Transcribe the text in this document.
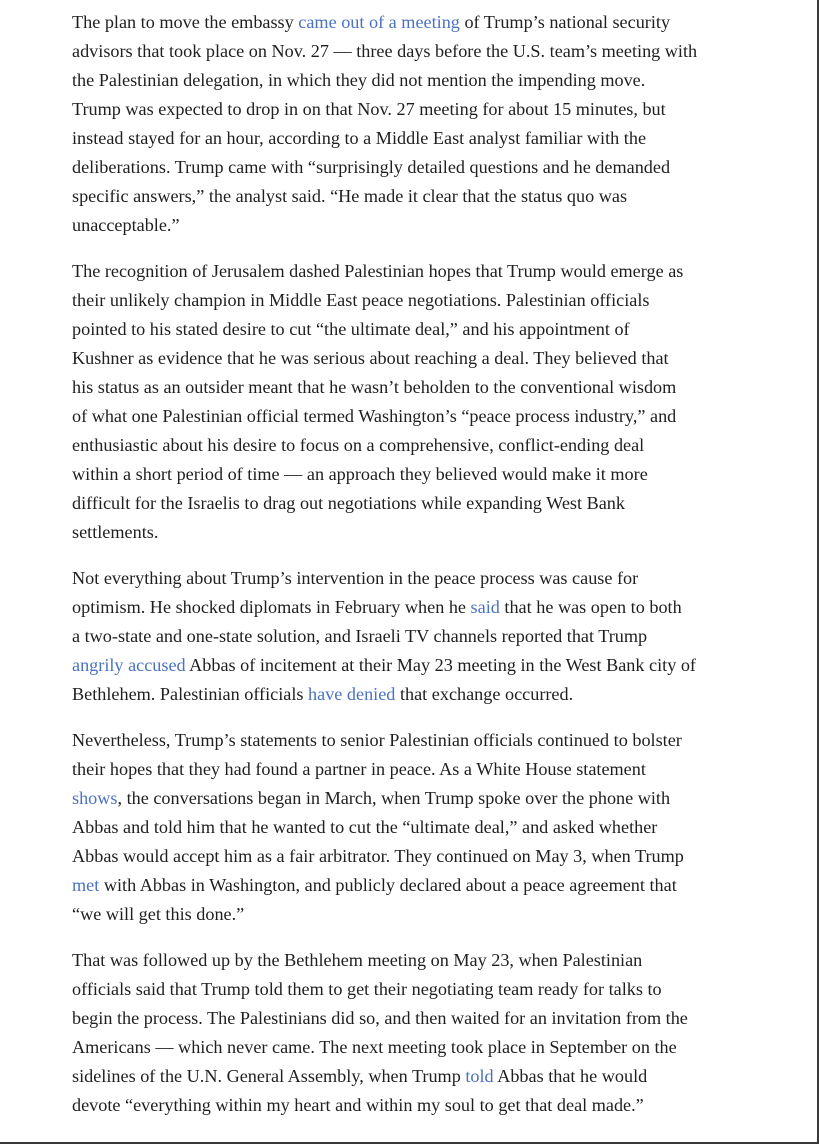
The plan to move the embassy came out of a meeting of Trump’s national security
advisors that took place on Nov. 27 — three days before the U.S. team’s meeting with
the Palestinian delegation, in which they did not mention the impending move.
Trump was expected to drop in on that Nov. 27 meeting for about 15 minutes, but
instead stayed for an hour, according to a Middle East analyst familiar with the
deliberations. Trump came with “surprisingly detailed questions and he demanded
specific answers,” the analyst said. “He made it clear that the status quo was
unacceptable.”

The recognition of Jerusalem dashed Palestinian hopes that Trump would emerge as
their unlikely champion in Middle East peace negotiations. Palestinian officials
pointed to his stated desire to cut “the ultimate deal,” and his appointment of
Kushner as evidence that he was serious about reaching a deal. They believed that
his status as an outsider meant that he wasn’t beholden to the conventional wisdom
of what one Palestinian official termed Washington’s “peace process industry,” and
enthusiastic about his desire to focus on a comprehensive, conflict-ending deal
within a short period of time — an approach they believed would make it more
difficult for the Israelis to drag out negotiations while expanding West Bank
settlements.

Not everything about Trump’s intervention in the peace process was cause for
optimism. He shocked diplomats in February when he said that he was open to both
a two-state and one-state solution, and Israeli TV channels reported that Trump
angrily accused Abbas of incitement at their May 23 meeting in the West Bank city of
Bethlehem. Palestinian officials have denied that exchange occurred.

Nevertheless, Trump’s statements to senior Palestinian officials continued to bolster
their hopes that they had found a partner in peace. As a White House statement
shows, the conversations began in March, when Trump spoke over the phone with
Abbas and told him that he wanted to cut the “ultimate deal,” and asked whether
Abbas would accept him as a fair arbitrator. They continued on May 3, when Trump
met with Abbas in Washington, and publicly declared about a peace agreement that
“we will get this done.”

That was followed up by the Bethlehem meeting on May 23, when Palestinian
officials said that Trump told them to get their negotiating team ready for talks to
begin the process. The Palestinians did so, and then waited for an invitation from the
Americans — which never came. The next meeting took place in September on the
sidelines of the U.N. General Assembly, when Trump told Abbas that he would
devote “everything within my heart and within my soul to get that deal made.”
